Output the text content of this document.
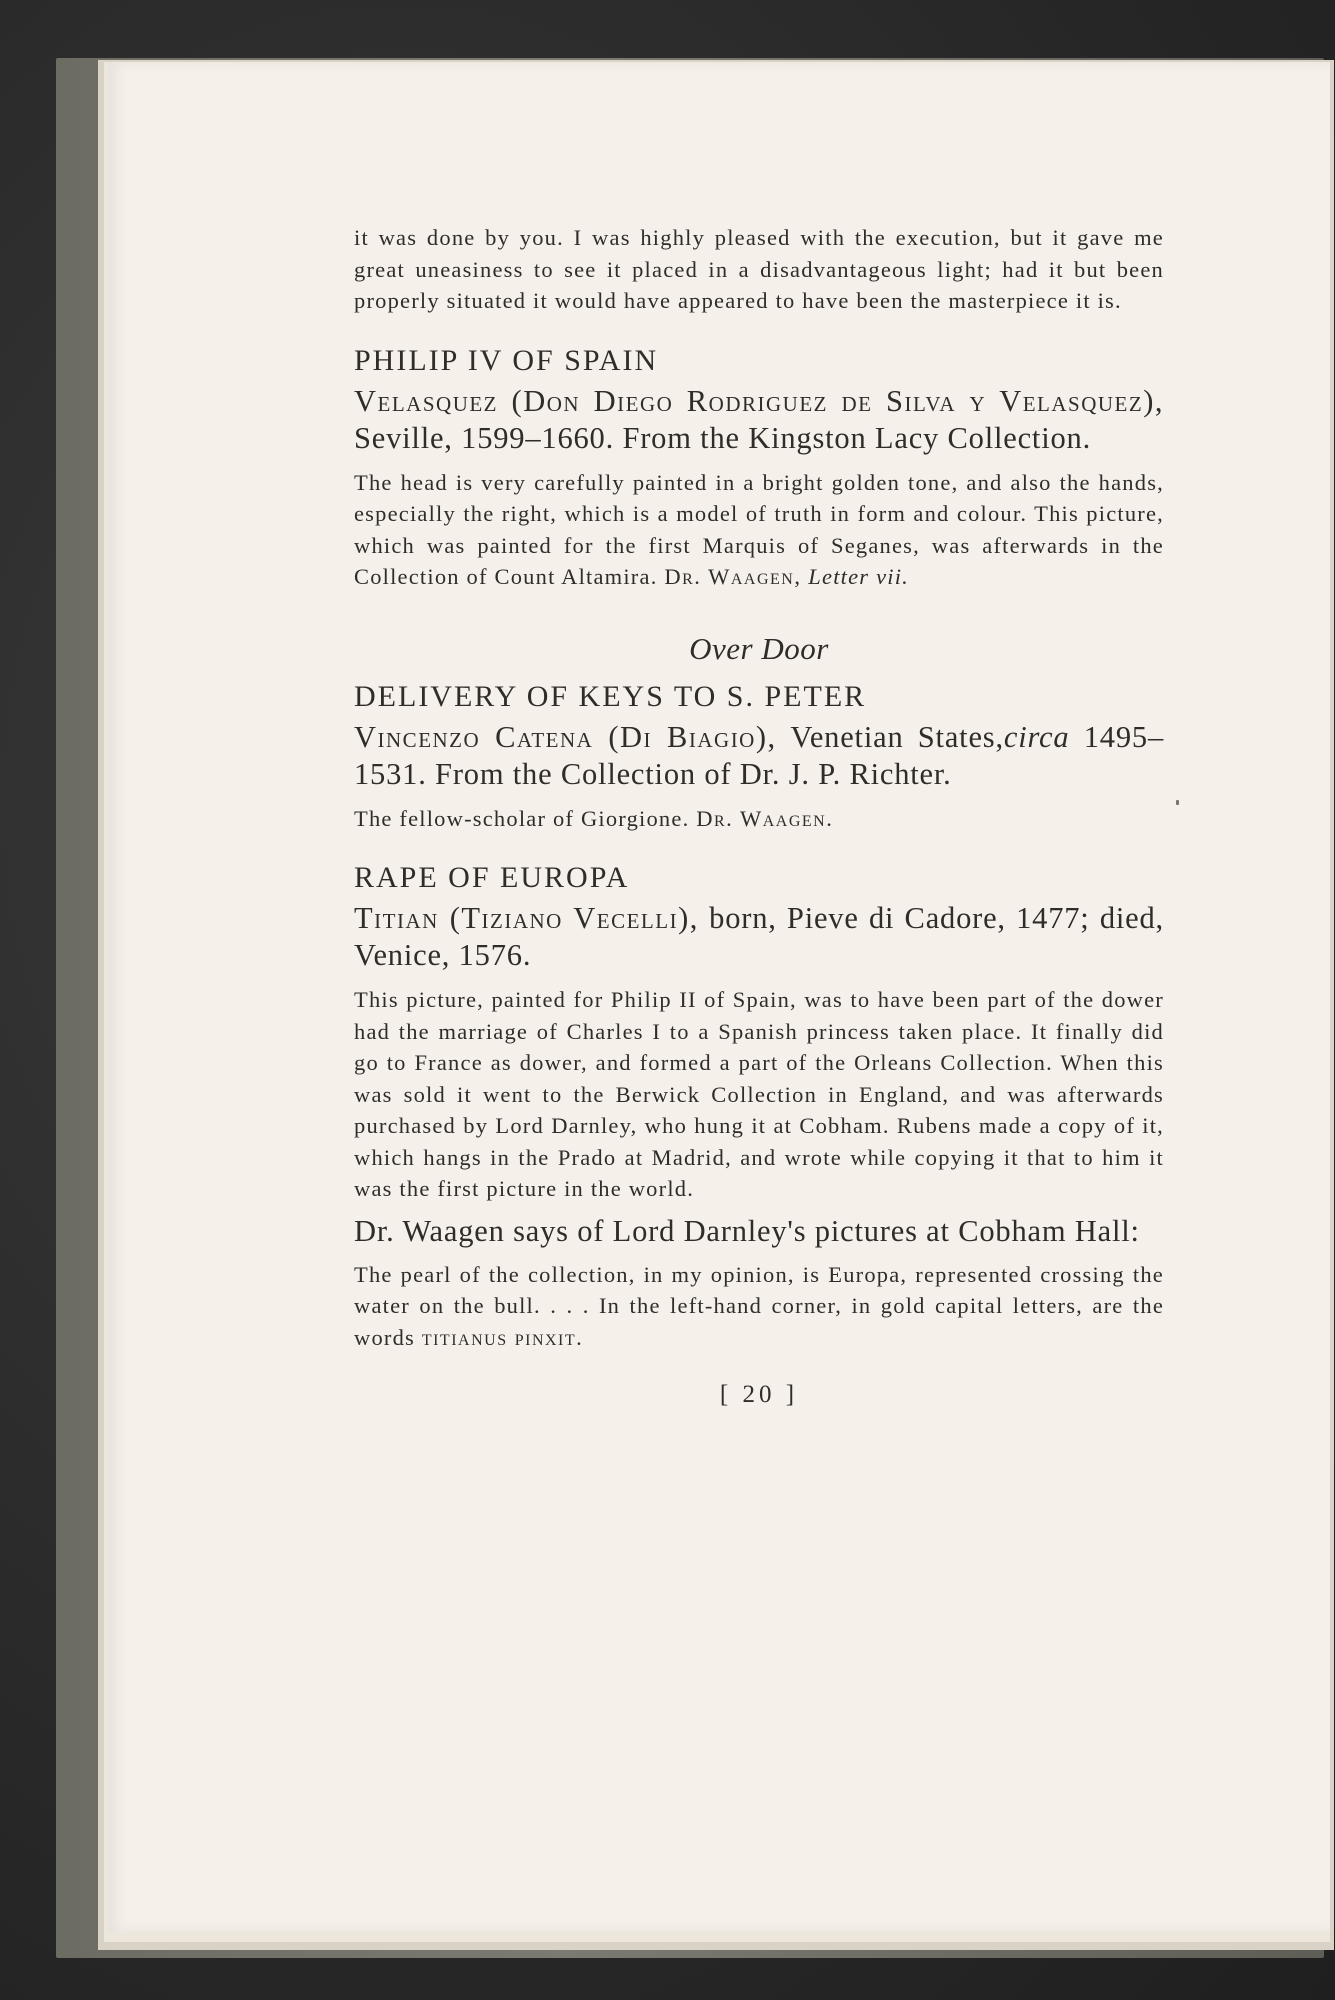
it was done by you. I was highly pleased with the execution, but it gave me great uneasiness to see it placed in a disadvantageous light; had it but been properly situated it would have appeared to have been the masterpiece it is.

PHILIP IV OF SPAIN

Velasquez (Don Diego Rodriguez de Silva y Velasquez), Seville, 1599–1660. From the Kingston Lacy Collection.

The head is very carefully painted in a bright golden tone, and also the hands, especially the right, which is a model of truth in form and colour. This picture, which was painted for the first Marquis of Seganes, was afterwards in the Collection of Count Altamira. Dr. Waagen, Letter vii.

Over Door
DELIVERY OF KEYS TO S. PETER

Vincenzo Catena (Di Biagio), Venetian States,circa 1495–1531. From the Collection of Dr. J. P. Richter.

The fellow-scholar of Giorgione. Dr. Waagen.

RAPE OF EUROPA

Titian (Tiziano Vecelli), born, Pieve di Cadore, 1477; died, Venice, 1576.

This picture, painted for Philip II of Spain, was to have been part of the dower had the marriage of Charles I to a Spanish princess taken place. It finally did go to France as dower, and formed a part of the Orleans Collection. When this was sold it went to the Berwick Collection in England, and was afterwards purchased by Lord Darnley, who hung it at Cobham. Rubens made a copy of it, which hangs in the Prado at Madrid, and wrote while copying it that to him it was the first picture in the world.

Dr. Waagen says of Lord Darnley's pictures at Cobham Hall:

The pearl of the collection, in my opinion, is Europa, represented crossing the water on the bull. . . . In the left-hand corner, in gold capital letters, are the words titianus pinxit.

[ 20 ]
